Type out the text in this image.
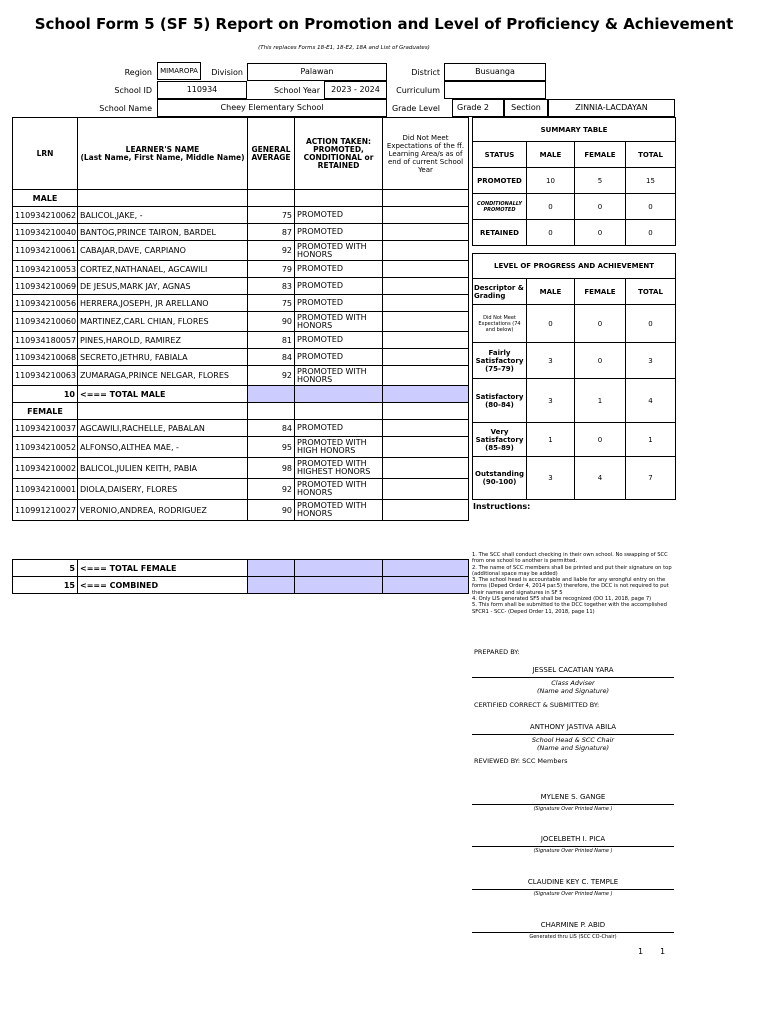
School Form 5 (SF 5) Report on Promotion and Level of Proficiency & Achievement
(This replaces Forms 18-E1, 18-E2, 18A and List of Graduates)
Region	MIMAROPA	Division	Palawan	District	Busuanga
School ID	110934	School Year	2023 - 2024	Curriculum
School Name	Cheey Elementary School	Grade Level	Grade 2	Section	ZINNIA-LACDAYAN
LRN	LEARNER'S NAME
(Last Name, First Name, Middle Name)	GENERAL AVERAGE	ACTION TAKEN: PROMOTED, CONDITIONAL or RETAINED	Did Not Meet Expectations of the ff. Learning Area/s as of end of current School Year
MALE				
110934210062	BALICOL,JAKE, -	75	PROMOTED	
110934210040	BANTOG,PRINCE TAIRON, BARDEL	87	PROMOTED	
110934210061	CABAJAR,DAVE, CARPIANO	92	PROMOTED WITH HONORS	
110934210053	CORTEZ,NATHANAEL, AGCAWILI	79	PROMOTED	
110934210069	DE JESUS,MARK JAY, AGNAS	83	PROMOTED	
110934210056	HERRERA,JOSEPH, JR ARELLANO	75	PROMOTED	
110934210060	MARTINEZ,CARL CHIAN, FLORES	90	PROMOTED WITH HONORS	
110934180057	PINES,HAROLD, RAMIREZ	81	PROMOTED	
110934210068	SECRETO,JETHRU, FABIALA	84	PROMOTED	
110934210063	ZUMARAGA,PRINCE NELGAR, FLORES	92	PROMOTED WITH HONORS	
10	<=== TOTAL MALE			
FEMALE				
110934210037	AGCAWILI,RACHELLE, PABALAN	84	PROMOTED	
110934210052	ALFONSO,ALTHEA MAE, -	95	PROMOTED WITH HIGH HONORS	
110934210002	BALICOL,JULIEN KEITH, PABIA	98	PROMOTED WITH HIGHEST HONORS	
110934210001	DIOLA,DAISERY, FLORES	92	PROMOTED WITH HONORS	
110991210027	VERONIO,ANDREA, RODRIGUEZ	90	PROMOTED WITH HONORS	
5	<=== TOTAL FEMALE			
15	<=== COMBINED			
SUMMARY TABLE			
STATUS	MALE	FEMALE	TOTAL
PROMOTED	10	5	15
CONDITIONALLY PROMOTED	0	0	0
RETAINED	0	0	0
LEVEL OF PROGRESS AND ACHIEVEMENT			
Descriptor & Grading	MALE	FEMALE	TOTAL
Did Not Meet Expectations (74 and below)	0	0	0
Fairly Satisfactory (75-79)	3	0	3
Satisfactory (80-84)	3	1	4
Very Satisfactory (85-89)	1	0	1
Outstanding (90-100)	3	4	7
Instructions:
1. The SCC shall conduct checking in their own school. No swapping of SCC from one school to another is permitted.
2. The name of SCC members shall be printed and put their signature on top (additional space may be added)
3. The school head is accountable and liable for any wrongful entry on the forms (Deped Order 4, 2014 par.5) therefore, the DCC is not required to put their names and signatures in SF 5
4. Only LIS generated SF5 shall be recognized (DO 11, 2018, page 7)
5. This form shall be submitted to the DCC together with the accomplished SFCR1 - SCC- (Deped Order 11, 2018, page 11)
PREPARED BY:
JESSEL CACATIAN YARA
Class Adviser
(Name and Signature)
CERTIFIED CORRECT & SUBMITTED BY:
ANTHONY JASTIVA ABILA
School Head & SCC Chair
(Name and Signature)
REVIEWED BY: SCC Members
MYLENE S. GANGE
(Signature Over Printed Name )
JOCELBETH I. PICA
(Signature Over Printed Name )
CLAUDINE KEY C. TEMPLE
(Signature Over Printed Name )
CHARMINE P. ABID
Generated thru LIS (SCC CO-Chair)
1 1
